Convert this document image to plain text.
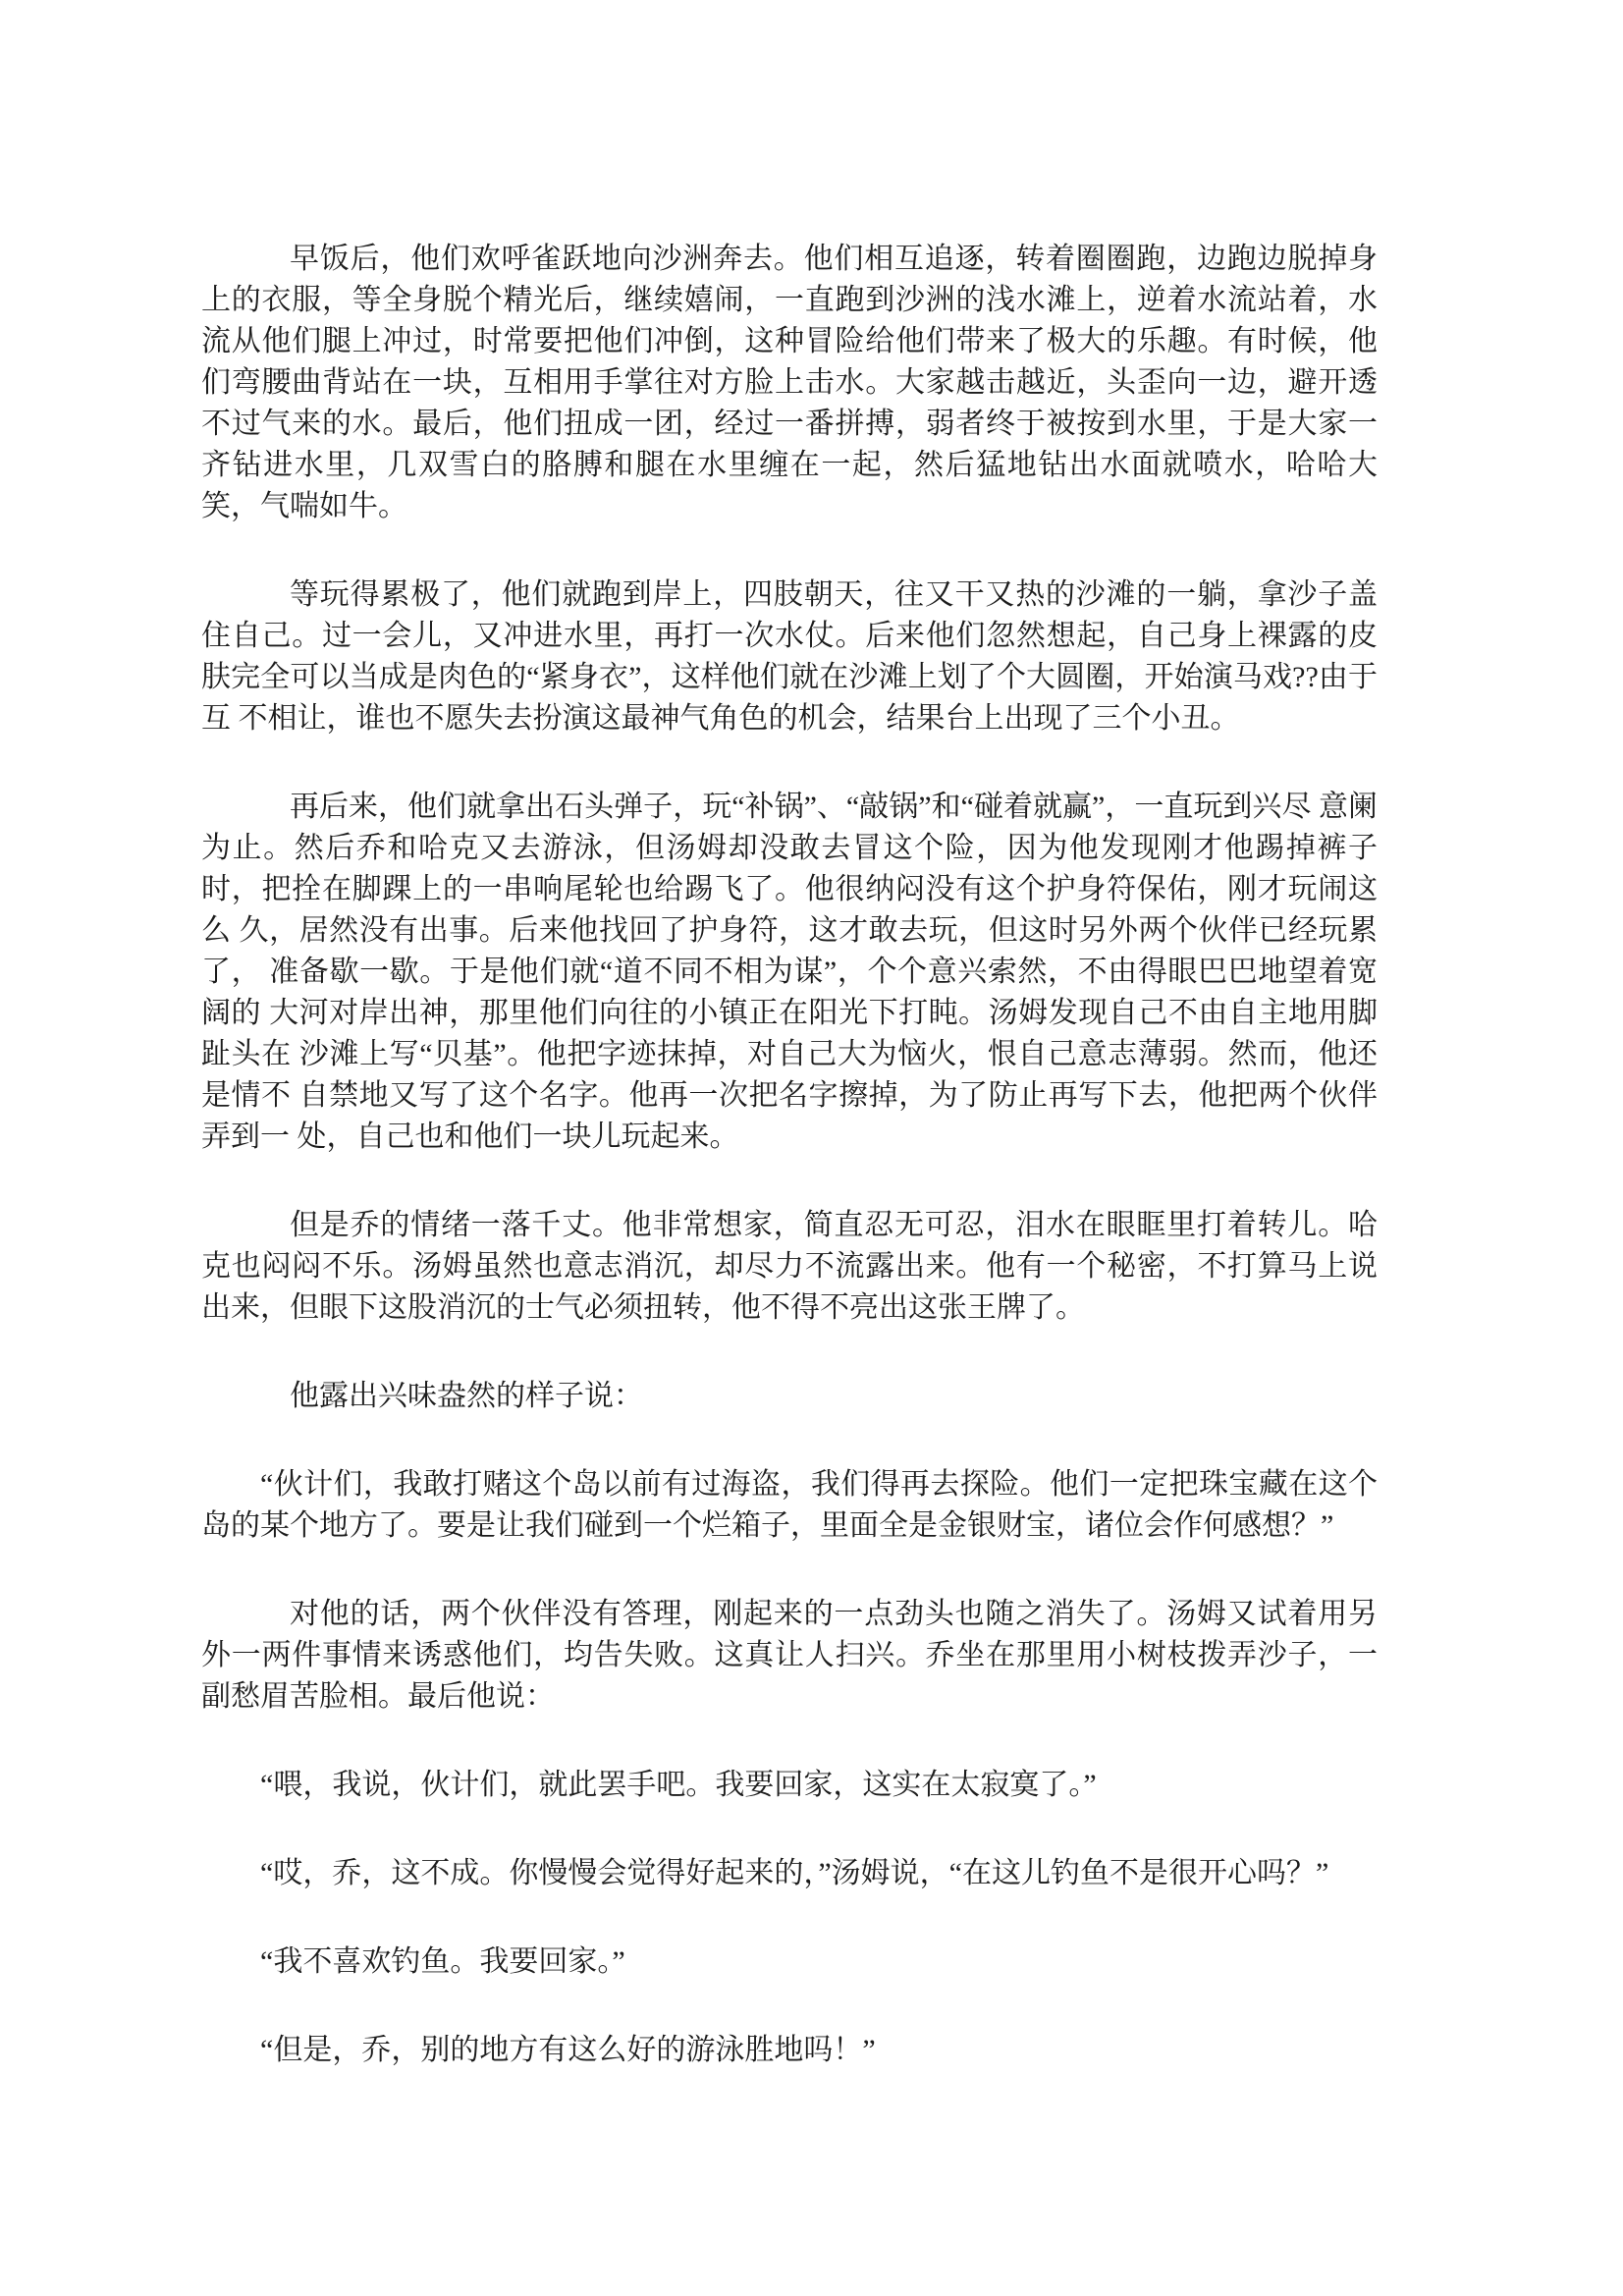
早饭后，他们欢呼雀跃地向沙洲奔去。他们相互追逐，转着圈圈跑，边跑边脱掉身上的衣服，等全身脱个精光后，继续嬉闹，一直跑到沙洲的浅水滩上，逆着水流站着，水流从他们腿上冲过，时常要把他们冲倒，这种冒险给他们带来了极大的乐趣。有时候，他们弯腰曲背站在一块，互相用手掌往对方脸上击水。大家越击越近，头歪向一边，避开透不过气来的水。最后，他们扭成一团，经过一番拼搏，弱者终于被按到水里，于是大家一齐钻进水里，几双雪白的胳膊和腿在水里缠在一起，然后猛地钻出水面就喷水，哈哈大笑，气喘如牛。

等玩得累极了，他们就跑到岸上，四肢朝天，往又干又热的沙滩的一躺，拿沙子盖住自己。过一会儿，又冲进水里，再打一次水仗。后来他们忽然想起，自己身上裸露的皮肤完全可以当成是肉色的“紧身衣”，这样他们就在沙滩上划了个大圆圈，开始演马戏??由于互 不相让，谁也不愿失去扮演这最神气角色的机会，结果台上出现了三个小丑。

再后来，他们就拿出石头弹子，玩“补锅”、“敲锅”和“碰着就赢”，一直玩到兴尽 意阑为止。然后乔和哈克又去游泳，但汤姆却没敢去冒这个险，因为他发现刚才他踢掉裤子 时，把拴在脚踝上的一串响尾轮也给踢飞了。他很纳闷没有这个护身符保佑，刚才玩闹这么 久，居然没有出事。后来他找回了护身符，这才敢去玩，但这时另外两个伙伴已经玩累了， 准备歇一歇。于是他们就“道不同不相为谋”，个个意兴索然，不由得眼巴巴地望着宽阔的 大河对岸出神，那里他们向往的小镇正在阳光下打盹。汤姆发现自己不由自主地用脚趾头在 沙滩上写“贝基”。他把字迹抹掉，对自己大为恼火，恨自己意志薄弱。然而，他还是情不 自禁地又写了这个名字。他再一次把名字擦掉，为了防止再写下去，他把两个伙伴弄到一 处，自己也和他们一块儿玩起来。

但是乔的情绪一落千丈。他非常想家，简直忍无可忍，泪水在眼眶里打着转儿。哈克也闷闷不乐。汤姆虽然也意志消沉，却尽力不流露出来。他有一个秘密，不打算马上说出来，但眼下这股消沉的士气必须扭转，他不得不亮出这张王牌了。

他露出兴味盎然的样子说：

“伙计们，我敢打赌这个岛以前有过海盗，我们得再去探险。他们一定把珠宝藏在这个岛的某个地方了。要是让我们碰到一个烂箱子，里面全是金银财宝，诸位会作何感想？”

对他的话，两个伙伴没有答理，刚起来的一点劲头也随之消失了。汤姆又试着用另外一两件事情来诱惑他们，均告失败。这真让人扫兴。乔坐在那里用小树枝拨弄沙子，一副愁眉苦脸相。最后他说：

“喂，我说，伙计们，就此罢手吧。我要回家，这实在太寂寞了。”

“哎，乔，这不成。你慢慢会觉得好起来的，”汤姆说，“在这儿钓鱼不是很开心吗？”

“我不喜欢钓鱼。我要回家。”

“但是，乔，别的地方有这么好的游泳胜地吗！”
